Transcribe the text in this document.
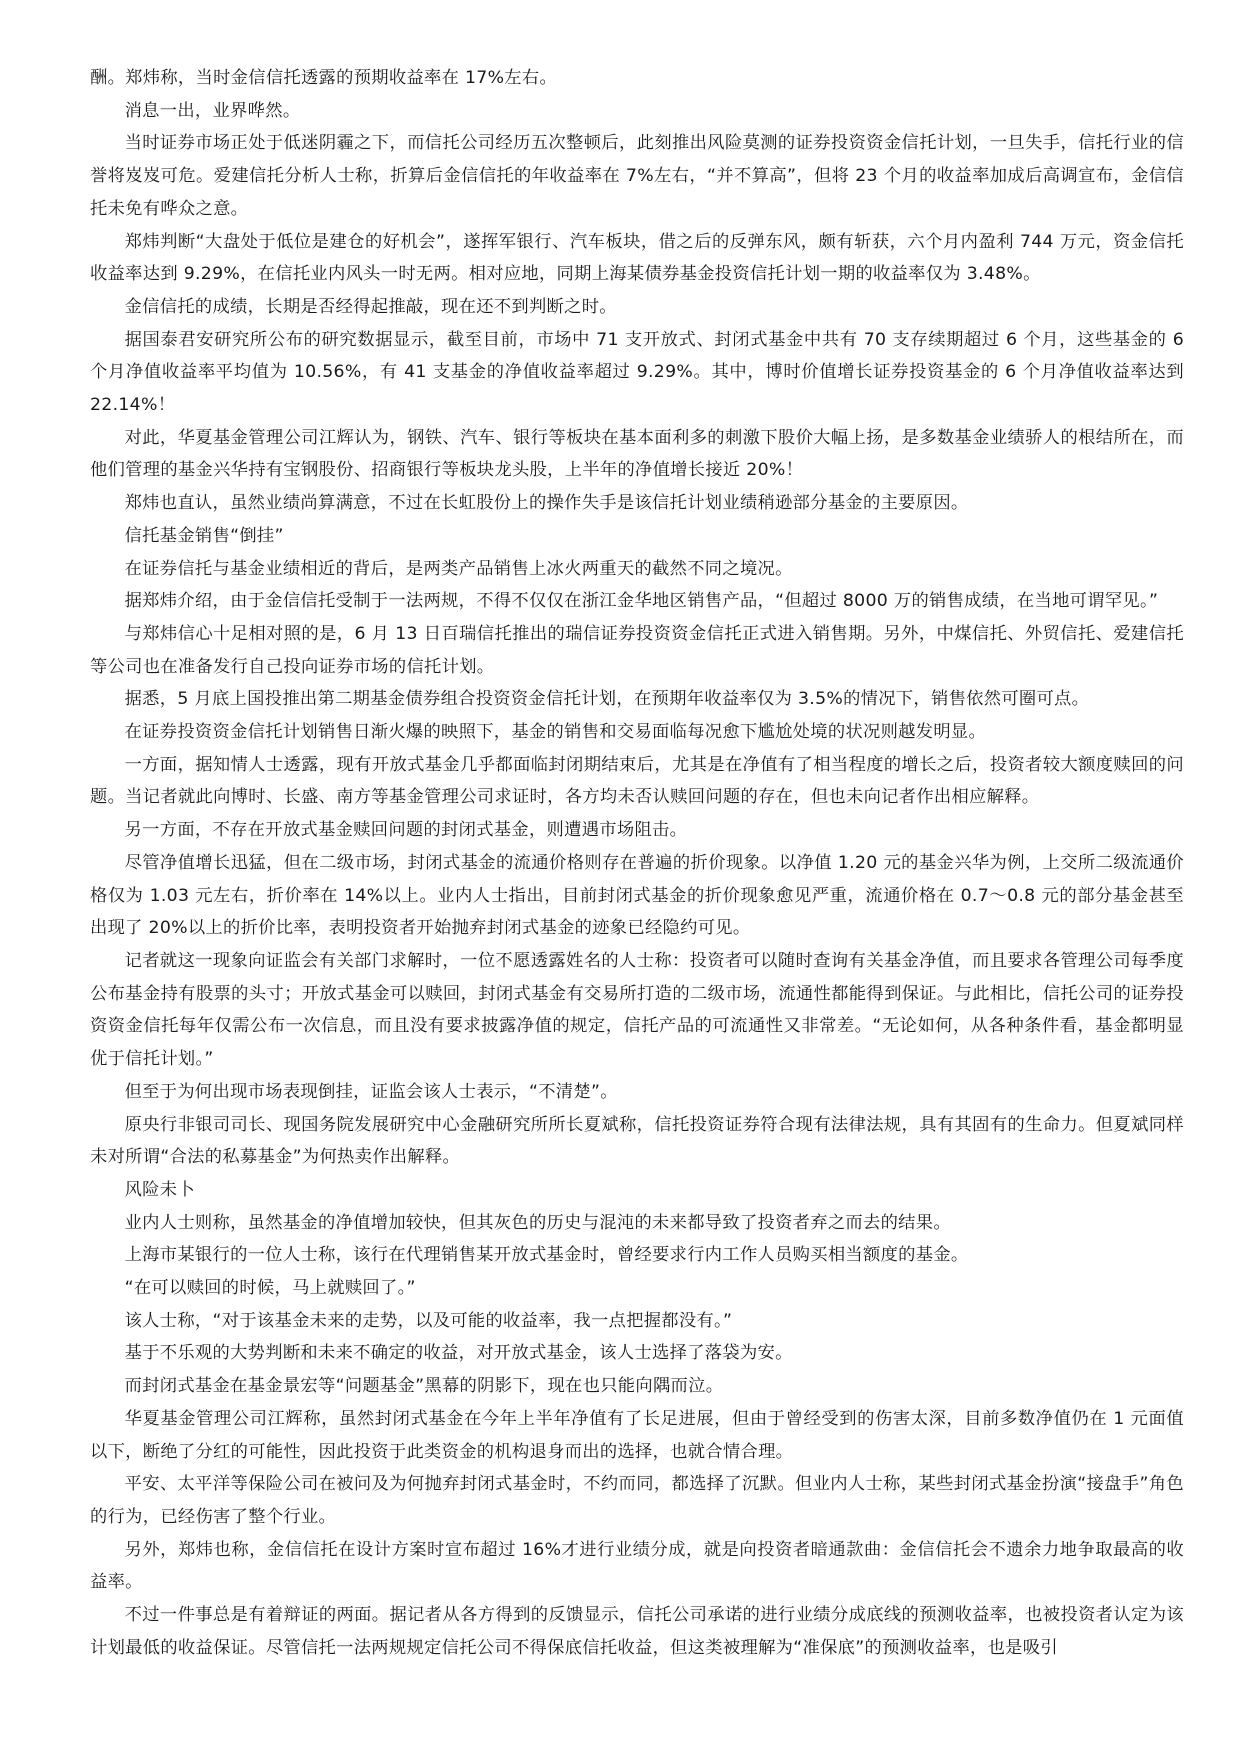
酬。郑炜称，当时金信信托透露的预期收益率在 17%左右。

消息一出，业界哗然。

当时证券市场正处于低迷阴霾之下，而信托公司经历五次整顿后，此刻推出风险莫测的证券投资资金信托计划，一旦失手，信托行业的信誉将岌岌可危。爱建信托分析人士称，折算后金信信托的年收益率在 7%左右，“并不算高”，但将 23 个月的收益率加成后高调宣布，金信信托未免有哗众之意。

郑炜判断“大盘处于低位是建仓的好机会”，遂挥军银行、汽车板块，借之后的反弹东风，颇有斩获，六个月内盈利 744 万元，资金信托收益率达到 9.29%，在信托业内风头一时无两。相对应地，同期上海某债券基金投资信托计划一期的收益率仅为 3.48%。

金信信托的成绩，长期是否经得起推敲，现在还不到判断之时。

据国泰君安研究所公布的研究数据显示，截至目前，市场中 71 支开放式、封闭式基金中共有 70 支存续期超过 6 个月，这些基金的 6 个月净值收益率平均值为 10.56%，有 41 支基金的净值收益率超过 9.29%。其中，博时价值增长证券投资基金的 6 个月净值收益率达到 22.14%！

对此，华夏基金管理公司江辉认为，钢铁、汽车、银行等板块在基本面利多的刺激下股价大幅上扬，是多数基金业绩骄人的根结所在，而他们管理的基金兴华持有宝钢股份、招商银行等板块龙头股，上半年的净值增长接近 20%！

郑炜也直认，虽然业绩尚算满意，不过在长虹股份上的操作失手是该信托计划业绩稍逊部分基金的主要原因。

信托基金销售“倒挂”

在证券信托与基金业绩相近的背后，是两类产品销售上冰火两重天的截然不同之境况。

据郑炜介绍，由于金信信托受制于一法两规，不得不仅仅在浙江金华地区销售产品，“但超过 8000 万的销售成绩，在当地可谓罕见。”

与郑炜信心十足相对照的是，6 月 13 日百瑞信托推出的瑞信证券投资资金信托正式进入销售期。另外，中煤信托、外贸信托、爱建信托等公司也在准备发行自己投向证券市场的信托计划。

据悉，5 月底上国投推出第二期基金债券组合投资资金信托计划，在预期年收益率仅为 3.5%的情况下，销售依然可圈可点。

在证券投资资金信托计划销售日渐火爆的映照下，基金的销售和交易面临每况愈下尴尬处境的状况则越发明显。

一方面，据知情人士透露，现有开放式基金几乎都面临封闭期结束后，尤其是在净值有了相当程度的增长之后，投资者较大额度赎回的问题。当记者就此向博时、长盛、南方等基金管理公司求证时，各方均未否认赎回问题的存在，但也未向记者作出相应解释。

另一方面，不存在开放式基金赎回问题的封闭式基金，则遭遇市场阻击。

尽管净值增长迅猛，但在二级市场，封闭式基金的流通价格则存在普遍的折价现象。以净值 1.20 元的基金兴华为例，上交所二级流通价格仅为 1.03 元左右，折价率在 14%以上。业内人士指出，目前封闭式基金的折价现象愈见严重，流通价格在 0.7～0.8 元的部分基金甚至出现了 20%以上的折价比率，表明投资者开始抛弃封闭式基金的迹象已经隐约可见。

记者就这一现象向证监会有关部门求解时，一位不愿透露姓名的人士称：投资者可以随时查询有关基金净值，而且要求各管理公司每季度公布基金持有股票的头寸；开放式基金可以赎回，封闭式基金有交易所打造的二级市场，流通性都能得到保证。与此相比，信托公司的证券投资资金信托每年仅需公布一次信息，而且没有要求披露净值的规定，信托产品的可流通性又非常差。“无论如何，从各种条件看，基金都明显优于信托计划。”

但至于为何出现市场表现倒挂，证监会该人士表示，“不清楚”。

原央行非银司司长、现国务院发展研究中心金融研究所所长夏斌称，信托投资证券符合现有法律法规，具有其固有的生命力。但夏斌同样未对所谓“合法的私募基金”为何热卖作出解释。

风险未卜

业内人士则称，虽然基金的净值增加较快，但其灰色的历史与混沌的未来都导致了投资者弃之而去的结果。

上海市某银行的一位人士称，该行在代理销售某开放式基金时，曾经要求行内工作人员购买相当额度的基金。

“在可以赎回的时候，马上就赎回了。”

该人士称，“对于该基金未来的走势，以及可能的收益率，我一点把握都没有。”

基于不乐观的大势判断和未来不确定的收益，对开放式基金，该人士选择了落袋为安。

而封闭式基金在基金景宏等“问题基金”黑幕的阴影下，现在也只能向隅而泣。

华夏基金管理公司江辉称，虽然封闭式基金在今年上半年净值有了长足进展，但由于曾经受到的伤害太深，目前多数净值仍在 1 元面值以下，断绝了分红的可能性，因此投资于此类资金的机构退身而出的选择，也就合情合理。

平安、太平洋等保险公司在被问及为何抛弃封闭式基金时，不约而同，都选择了沉默。但业内人士称，某些封闭式基金扮演“接盘手”角色的行为，已经伤害了整个行业。

另外，郑炜也称，金信信托在设计方案时宣布超过 16%才进行业绩分成，就是向投资者暗通款曲：金信信托会不遗余力地争取最高的收益率。

不过一件事总是有着辩证的两面。据记者从各方得到的反馈显示，信托公司承诺的进行业绩分成底线的预测收益率，也被投资者认定为该计划最低的收益保证。尽管信托一法两规规定信托公司不得保底信托收益，但这类被理解为“准保底”的预测收益率，也是吸引
